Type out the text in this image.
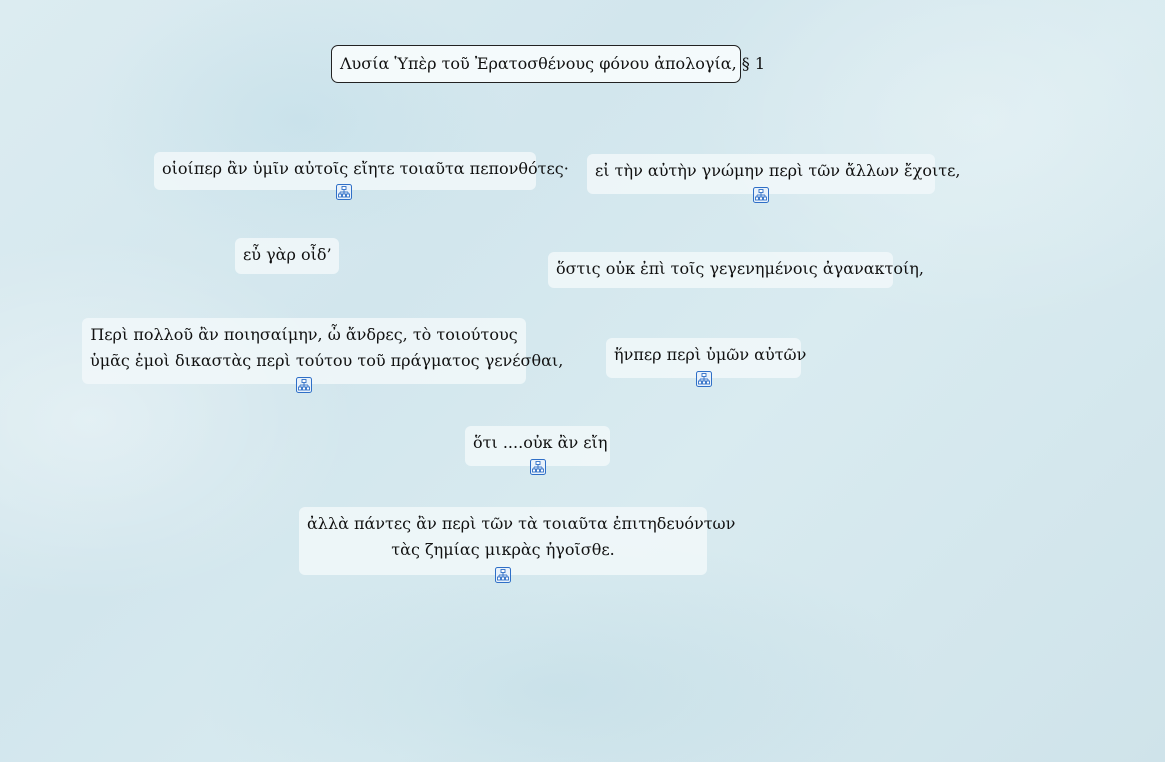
Λυσία Ὑπὲρ τοῦ Ἐρατοσθένους φόνου ἀπολογία, § 1
οἱοίπερ ἂν ὑμῖν αὐτοῖς εἴητε τοιαῦτα πεπονθότες· εἰ τὴν αὐτὴν γνώμην περὶ τῶν ἄλλων ἔχοιτε,
εὖ γὰρ οἶδ’
ὅστις οὐκ ἐπὶ τοῖς γεγενημένοις ἀγανακτοίη,
Περὶ πολλοῦ ἂν ποιησαίμην, ὦ ἄνδρες, τὸ τοιούτους
ὑμᾶς ἐμοὶ δικαστὰς περὶ τούτου τοῦ πράγματος γενέσθαι,	ἥνπερ περὶ ὑμῶν αὐτῶν
ὅτι ....οὐκ ἂν εἴη
ἀλλὰ πάντες ἂν περὶ τῶν τὰ τοιαῦτα ἐπιτηδευόντων
τὰς ζημίας μικρὰς ἡγοῖσθε.
